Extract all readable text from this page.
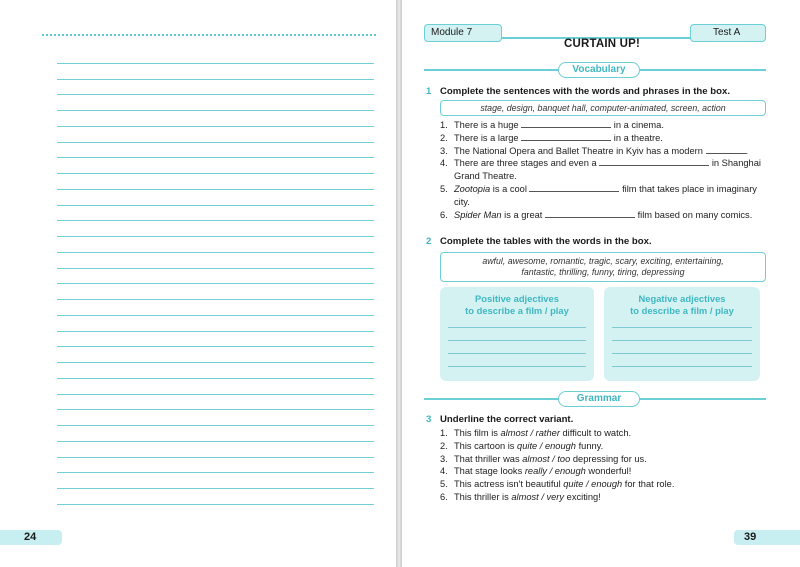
24
Module 7	Test A
CURTAIN UP!
Vocabulary
1 Complete the sentences with the words and phrases in the box.
stage, design, banquet hall, computer-animated, screen, action
1. There is a huge	in a cinema.
2. There is a large	in a theatre.
3. The National Opera and Ballet Theatre in Kyiv has a modern	.
4. There are three stages and even a	in Shanghai Grand Theatre.
5. Zootopia is a cool	film that takes place in imaginary city.
6. Spider Man is a great	film based on many comics.
2 Complete the tables with the words in the box.
awful, awesome, romantic, tragic, scary, exciting, entertaining,
fantastic, thrilling, funny, tiring, depressing
Positive adjectives
to describe a film / play
Negative adjectives
to describe a film / play
Grammar
3 Underline the correct variant.
1. This film is almost / rather difficult to watch.
2. This cartoon is quite / enough funny.
3. That thriller was almost / too depressing for us.
4. That stage looks really / enough wonderful!
5. This actress isn't beautiful quite / enough for that role.
6. This thriller is almost / very exciting!
39
